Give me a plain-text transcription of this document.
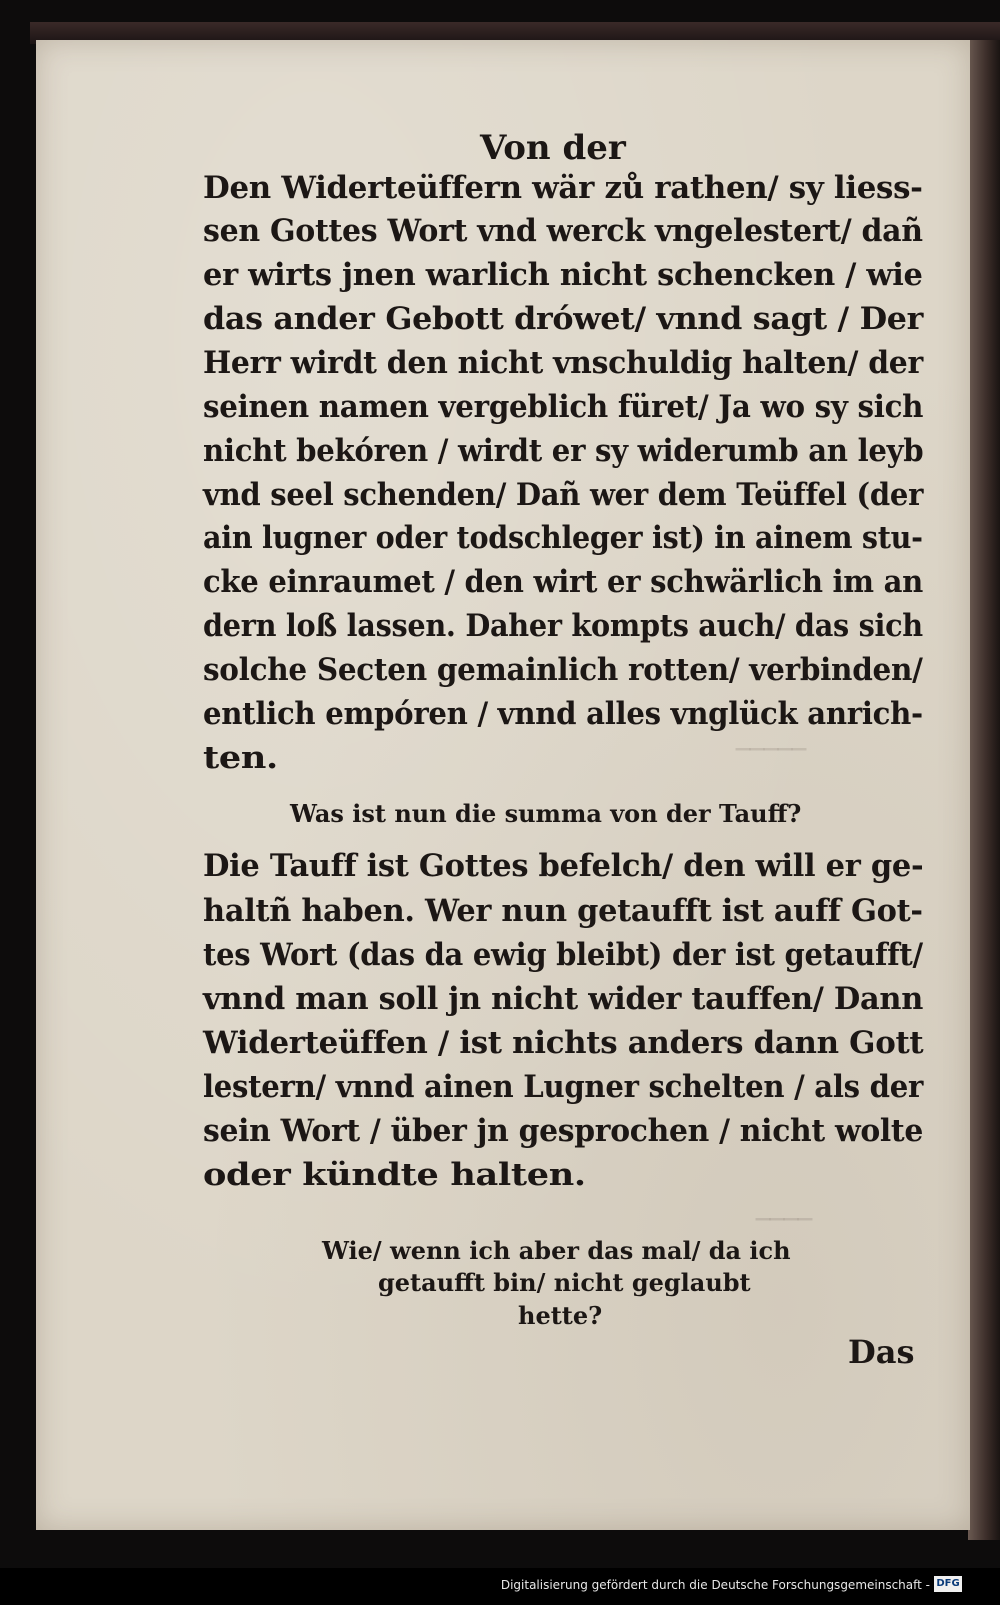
⎯⎯⎯⎯⎯
⎯⎯⎯⎯
Von der
Den Widerteüffern wär zů rathen/ sy liess-
sen Gottes Wort vnd werck vngelestert/ dañ
er wirts jnen warlich nicht schencken / wie
das ander Gebott drówet/ vnnd sagt / Der
Herr wirdt den nicht vnschuldig halten/ der
seinen namen vergeblich füret/ Ja wo sy sich
nicht bekóren / wirdt er sy widerumb an leyb
vnd seel schenden/ Dañ wer dem Teüffel (der
ain lugner oder todschleger ist) in ainem stu-
cke einraumet / den wirt er schwärlich im an
dern loß lassen. Daher kompts auch/ das sich
solche Secten gemainlich rotten/ verbinden/
entlich empóren / vnnd alles vnglück anrich-
ten.
Was ist nun die summa von der Tauff?
Die Tauff ist Gottes befelch/ den will er ge-
haltñ haben. Wer nun getaufft ist auff Got-
tes Wort (das da ewig bleibt) der ist getaufft/
vnnd man soll jn nicht wider tauffen/ Dann
Widerteüffen / ist nichts anders dann Gott
lestern/ vnnd ainen Lugner schelten / als der
sein Wort / über jn gesprochen / nicht wolte
oder kündte halten.
Wie/ wenn ich aber das mal/ da ich
getaufft bin/ nicht geglaubt
hette?
Das
Digitalisierung gefördert durch die Deutsche Forschungsgemeinschaft - DFG
